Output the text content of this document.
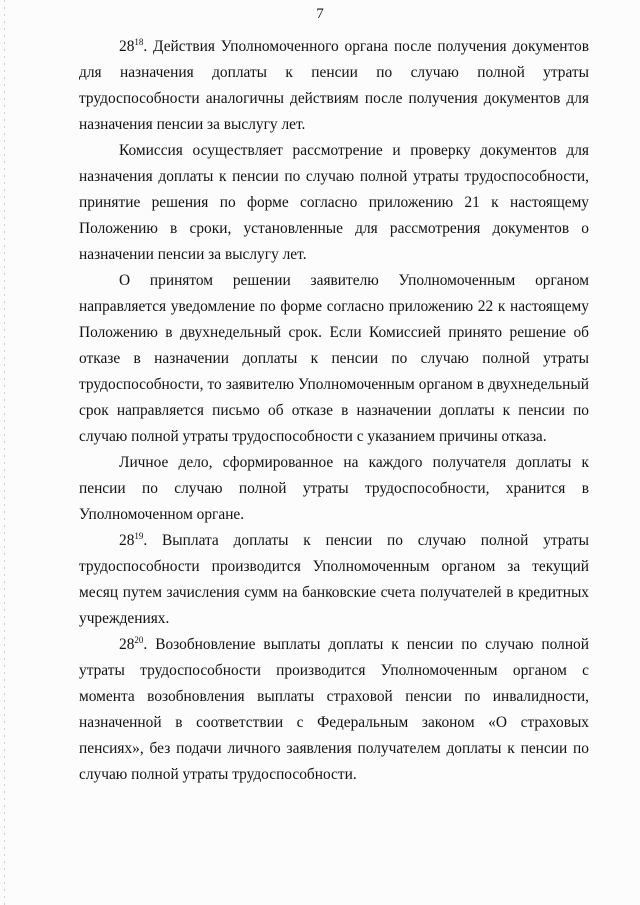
7

$28^{18}$. Действия Уполномоченного органа после получения документов для назначения доплаты к пенсии по случаю полной утраты трудоспособности аналогичны действиям после получения документов для назначения пенсии за выслугу лет.

Комиссия осуществляет рассмотрение и проверку документов для назначения доплаты к пенсии по случаю полной утраты трудоспособности, принятие решения по форме согласно приложению 21 к настоящему Положению в сроки, установленные для рассмотрения документов о назначении пенсии за выслугу лет.

О принятом решении заявителю Уполномоченным органом направляется уведомление по форме согласно приложению 22 к настоящему Положению в двухнедельный срок. Если Комиссией принято решение об отказе в назначении доплаты к пенсии по случаю полной утраты трудоспособности, то заявителю Уполномоченным органом в двухнедельный срок направляется письмо об отказе в назначении доплаты к пенсии по случаю полной утраты трудоспособности с указанием причины отказа.

Личное дело, сформированное на каждого получателя доплаты к пенсии по случаю полной утраты трудоспособности, хранится в Уполномоченном органе.

$28^{19}$. Выплата доплаты к пенсии по случаю полной утраты трудоспособности производится Уполномоченным органом за текущий месяц путем зачисления сумм на банковские счета получателей в кредитных учреждениях.

$28^{20}$. Возобновление выплаты доплаты к пенсии по случаю полной утраты трудоспособности производится Уполномоченным органом с момента возобновления выплаты страховой пенсии по инвалидности, назначенной в соответствии с Федеральным законом «О страховых пенсиях», без подачи личного заявления получателем доплаты к пенсии по случаю полной утраты трудоспособности.
